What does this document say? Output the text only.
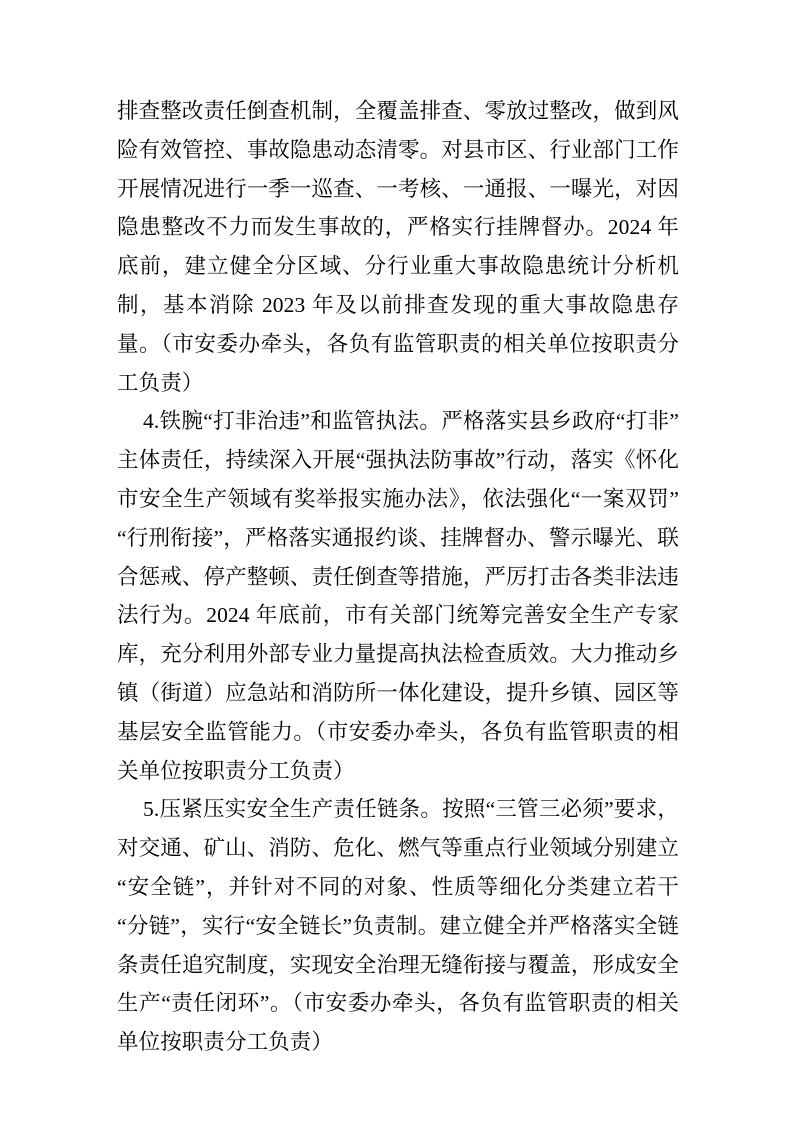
排查整改责任倒查机制，全覆盖排查、零放过整改，做到风险有效管控、事故隐患动态清零。对县市区、行业部门工作开展情况进行一季一巡查、一考核、一通报、一曝光，对因隐患整改不力而发生事故的，严格实行挂牌督办。2024 年底前，建立健全分区域、分行业重大事故隐患统计分析机制，基本消除 2023 年及以前排查发现的重大事故隐患存量。（市安委办牵头，各负有监管职责的相关单位按职责分工负责）

4.铁腕“打非治违”和监管执法。严格落实县乡政府“打非”主体责任，持续深入开展“强执法防事故”行动，落实《怀化市安全生产领域有奖举报实施办法》，依法强化“一案双罚”“行刑衔接”，严格落实通报约谈、挂牌督办、警示曝光、联合惩戒、停产整顿、责任倒查等措施，严厉打击各类非法违法行为。2024 年底前，市有关部门统筹完善安全生产专家库，充分利用外部专业力量提高执法检查质效。大力推动乡镇（街道）应急站和消防所一体化建设，提升乡镇、园区等基层安全监管能力。（市安委办牵头，各负有监管职责的相关单位按职责分工负责）

5.压紧压实安全生产责任链条。按照“三管三必须”要求，对交通、矿山、消防、危化、燃气等重点行业领域分别建立“安全链”，并针对不同的对象、性质等细化分类建立若干“分链”，实行“安全链长”负责制。建立健全并严格落实全链条责任追究制度，实现安全治理无缝衔接与覆盖，形成安全生产“责任闭环”。（市安委办牵头，各负有监管职责的相关单位按职责分工负责）
